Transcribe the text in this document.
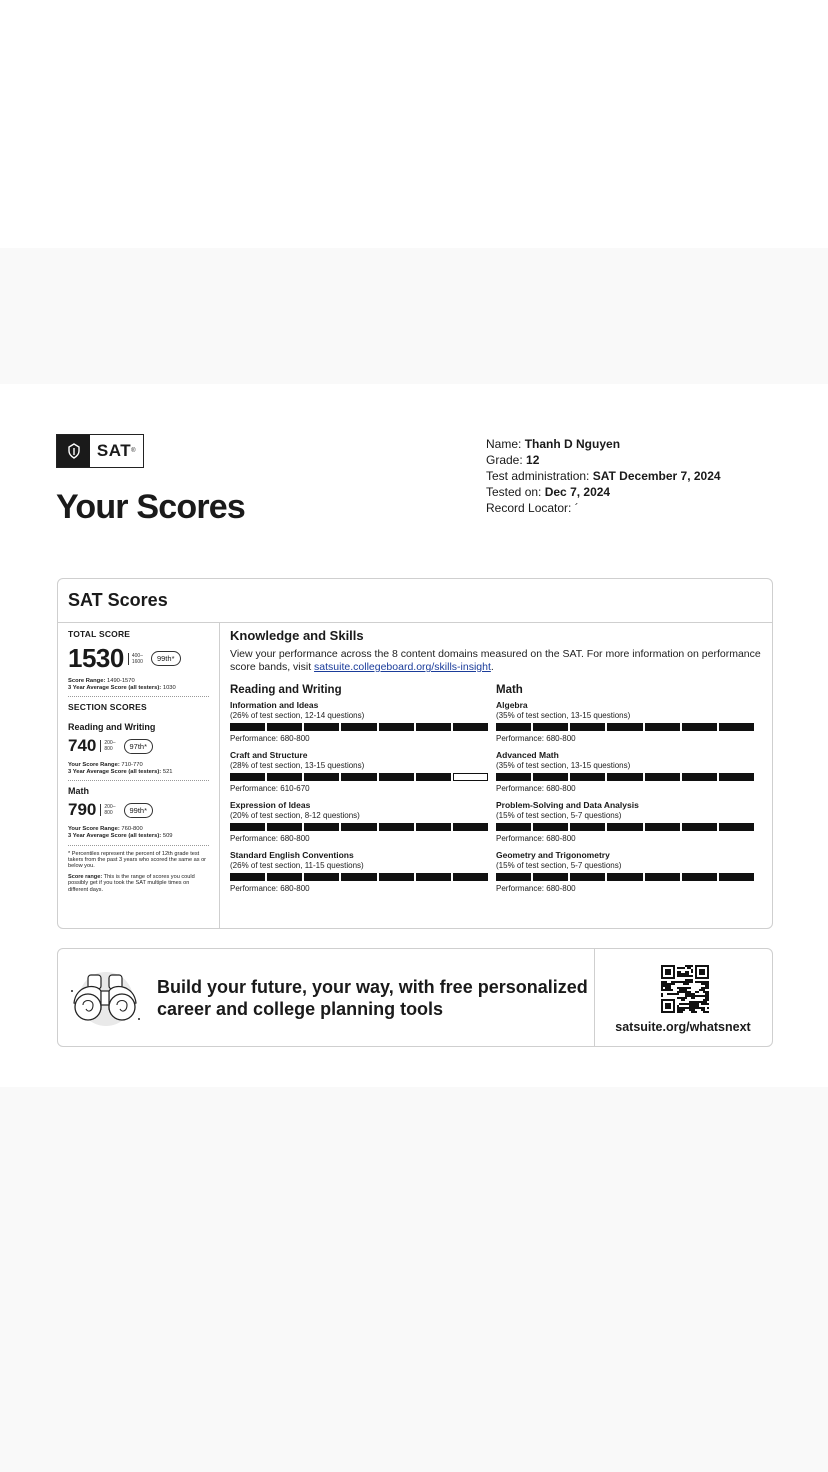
SAT ®
Your Scores
Name: Thanh D Nguyen
Grade: 12
Test administration: SAT December 7, 2024
Tested on: Dec 7, 2024
Record Locator: ´
SAT Scores
TOTAL SCORE
1530	400–
1600	99th*
Score Range: 1490-1570
3 Year Average Score (all testers): 1030
SECTION SCORES
Reading and Writing
740	200–
800	97th*
Your Score Range: 710-770
3 Year Average Score (all testers): 521
Math
790	200–
800	99th*
Your Score Range: 760-800
3 Year Average Score (all testers): 509
* Percentiles represent the percent of 12th grade test takers from the past 3 years who scored the same as or below you.
Score range: This is the range of scores you could possibly get if you took the SAT multiple times on different days.
Knowledge and Skills
View your performance across the 8 content domains measured on the SAT. For more information on performance score bands, visit satsuite.collegeboard.org/skills-insight.
Reading and Writing
Information and Ideas
(26% of test section, 12-14 questions)
Performance: 680-800
Craft and Structure
(28% of test section, 13-15 questions)
Performance: 610-670
Expression of Ideas
(20% of test section, 8-12 questions)
Performance: 680-800
Standard English Conventions
(26% of test section, 11-15 questions)
Performance: 680-800
Math
Algebra
(35% of test section, 13-15 questions)
Performance: 680-800
Advanced Math
(35% of test section, 13-15 questions)
Performance: 680-800
Problem-Solving and Data Analysis
(15% of test section, 5-7 questions)
Performance: 680-800
Geometry and Trigonometry
(15% of test section, 5-7 questions)
Performance: 680-800
Build your future, your way, with free personalized
career and college planning tools
satsuite.org/whatsnext
